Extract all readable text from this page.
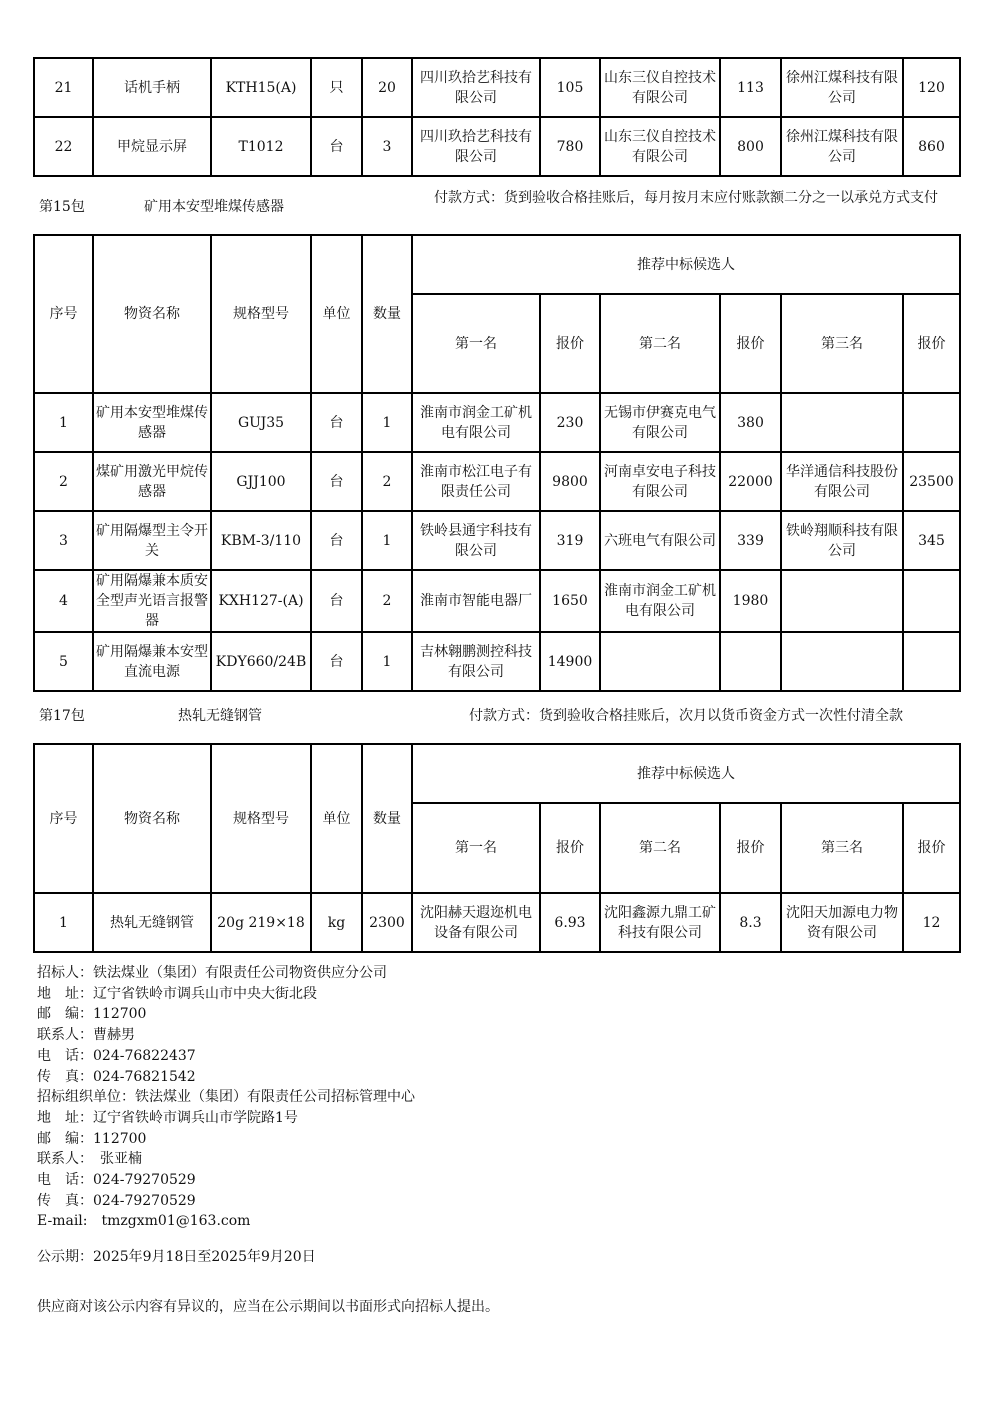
21	话机手柄	KTH15(A)	只	20	四川玖拾艺科技有限公司	105	山东三仪自控技术有限公司	113	徐州江煤科技有限公司	120
22	甲烷显示屏	T1012	台	3	四川玖拾艺科技有限公司	780	山东三仪自控技术有限公司	800	徐州江煤科技有限公司	860
第15包	矿用本安型堆煤传感器
付款方式：货到验收合格挂账后，每月按月末应付账款额二分之一以承兑方式支付
序号	物资名称	规格型号	单位	数量	推荐中标候选人					
					第一名	报价	第二名	报价	第三名	报价
1	矿用本安型堆煤传感器	GUJ35	台	1	淮南市润金工矿机电有限公司	230	无锡市伊赛克电气有限公司	380		
2	煤矿用激光甲烷传感器	GJJ100	台	2	淮南市松江电子有限责任公司	9800	河南卓安电子科技有限公司	22000	华洋通信科技股份有限公司	23500
3	矿用隔爆型主令开关	KBM-3/110	台	1	铁岭县通宇科技有限公司	319	六班电气有限公司	339	铁岭翔顺科技有限公司	345
4	矿用隔爆兼本质安全型声光语言报警器	KXH127-(A)	台	2	淮南市智能电器厂	1650	淮南市润金工矿机电有限公司	1980		
5	矿用隔爆兼本安型直流电源	KDY660/24B	台	1	吉林翱鹏测控科技有限公司	14900				
第17包	热轧无缝钢管	付款方式：货到验收合格挂账后，次月以货币资金方式一次性付清全款
序号	物资名称	规格型号	单位	数量	推荐中标候选人					
					第一名	报价	第二名	报价	第三名	报价
1	热轧无缝钢管	20g 219×18	kg	2300	沈阳赫天遐迩机电设备有限公司	6.93	沈阳鑫源九鼎工矿科技有限公司	8.3	沈阳天加源电力物资有限公司	12
招标人：铁法煤业（集团）有限责任公司物资供应分公司
地　址：辽宁省铁岭市调兵山市中央大街北段
邮　编：112700
联系人：曹赫男
电　话：024-76822437
传　真：024-76821542
招标组织单位：铁法煤业（集团）有限责任公司招标管理中心
地　址：辽宁省铁岭市调兵山市学院路1号
邮　编：112700
联系人：　张亚楠
电　话：024-79270529
传　真：024-79270529
E-mail:　tmzgxm01@163.com
公示期：2025年9月18日至2025年9月20日
供应商对该公示内容有异议的，应当在公示期间以书面形式向招标人提出。
